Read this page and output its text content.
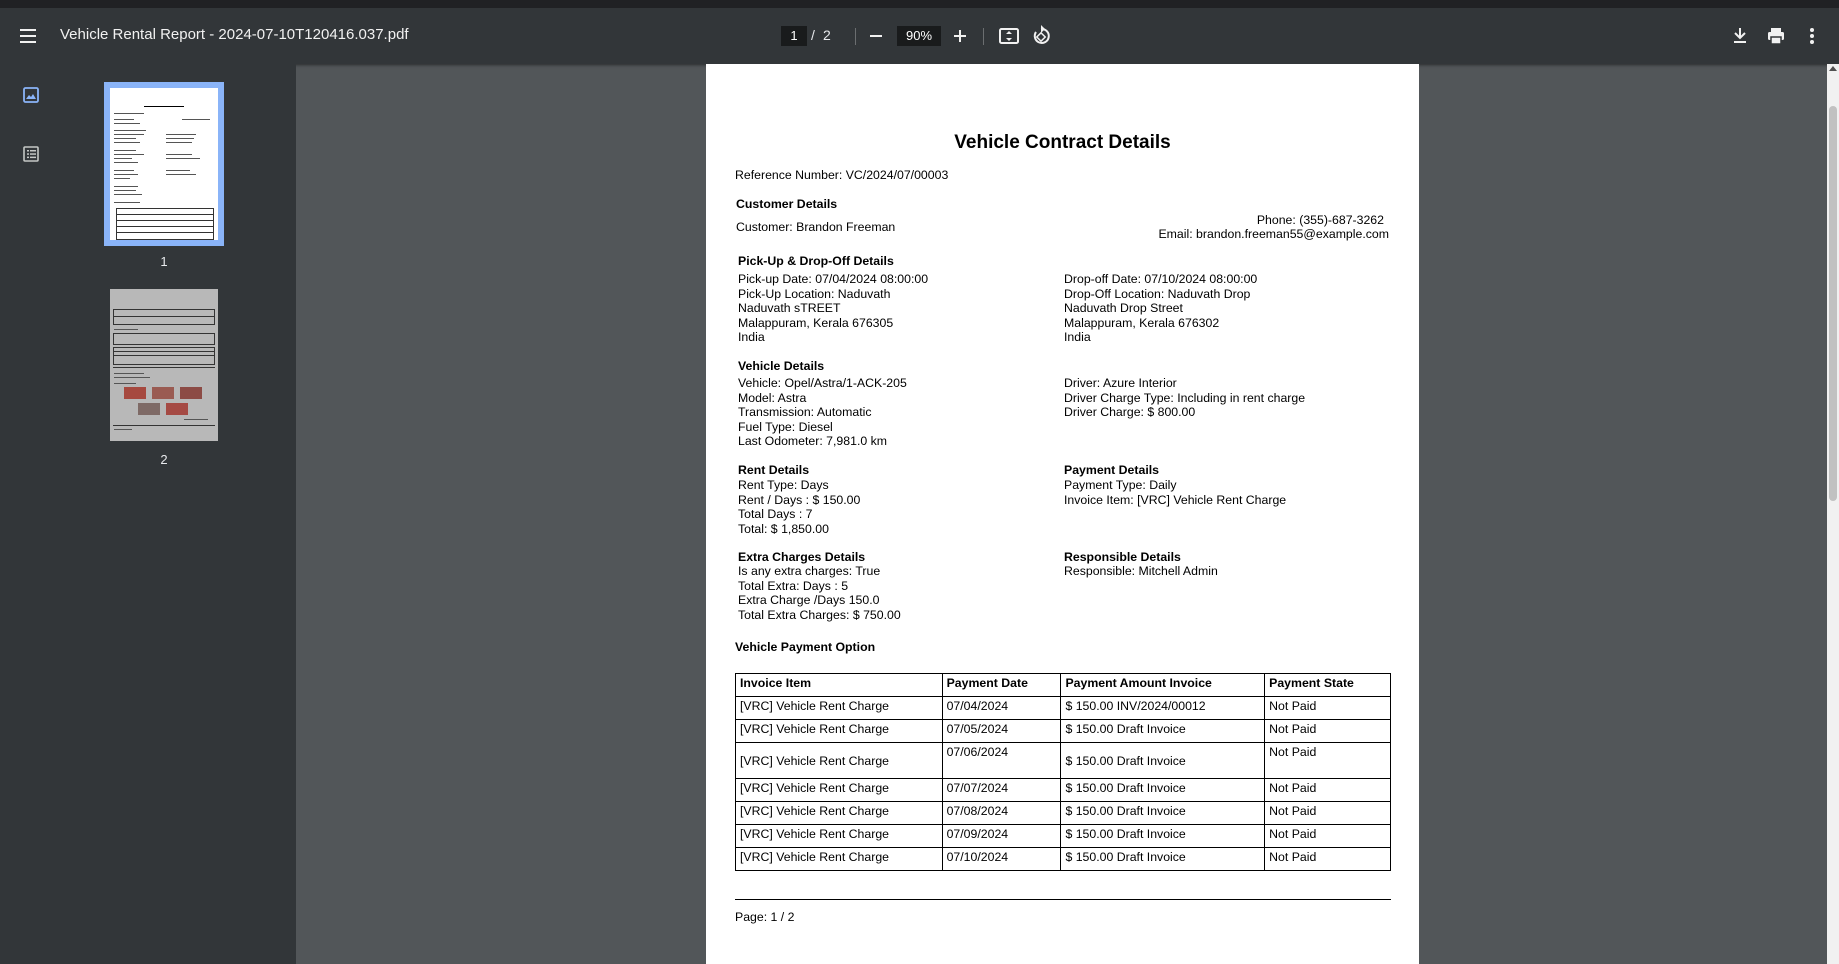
Vehicle Rental Report - 2024-07-10T120416.037.pdf	1 / 2	90%
1
2
Vehicle Contract Details
Reference Number: VC/2024/07/00003
Customer Details
Customer: Brandon Freeman	Phone: (355)-687-3262
Email: brandon.freeman55@example.com
Pick-Up & Drop-Off Details
Pick-up Date: 07/04/2024 08:00:00
Pick-Up Location: Naduvath
Naduvath sTREET
Malappuram, Kerala 676305
India
Drop-off Date: 07/10/2024 08:00:00
Drop-Off Location: Naduvath Drop
Naduvath Drop Street
Malappuram, Kerala 676302
India
Vehicle Details
Vehicle: Opel/Astra/1-ACK-205
Model: Astra
Transmission: Automatic
Fuel Type: Diesel
Last Odometer: 7,981.0 km
Driver: Azure Interior
Driver Charge Type: Including in rent charge
Driver Charge: $ 800.00
Rent Details
Rent Type: Days
Rent / Days : $ 150.00
Total Days : 7
Total: $ 1,850.00
Payment Details
Payment Type: Daily
Invoice Item: [VRC] Vehicle Rent Charge
Extra Charges Details
Is any extra charges: True
Total Extra: Days : 5
Extra Charge /Days 150.0
Total Extra Charges: $ 750.00
Responsible Details
Responsible: Mitchell Admin
Vehicle Payment Option
Invoice Item	Payment Date	Payment Amount Invoice	Payment State
[VRC] Vehicle Rent Charge	07/04/2024	$ 150.00 INV/2024/00012	Not Paid
[VRC] Vehicle Rent Charge	07/05/2024	$ 150.00 Draft Invoice	Not Paid
[VRC] Vehicle Rent Charge	07/06/2024	$ 150.00 Draft Invoice	Not Paid
[VRC] Vehicle Rent Charge	07/07/2024	$ 150.00 Draft Invoice	Not Paid
[VRC] Vehicle Rent Charge	07/08/2024	$ 150.00 Draft Invoice	Not Paid
[VRC] Vehicle Rent Charge	07/09/2024	$ 150.00 Draft Invoice	Not Paid
[VRC] Vehicle Rent Charge	07/10/2024	$ 150.00 Draft Invoice	Not Paid
Page: 1 / 2
